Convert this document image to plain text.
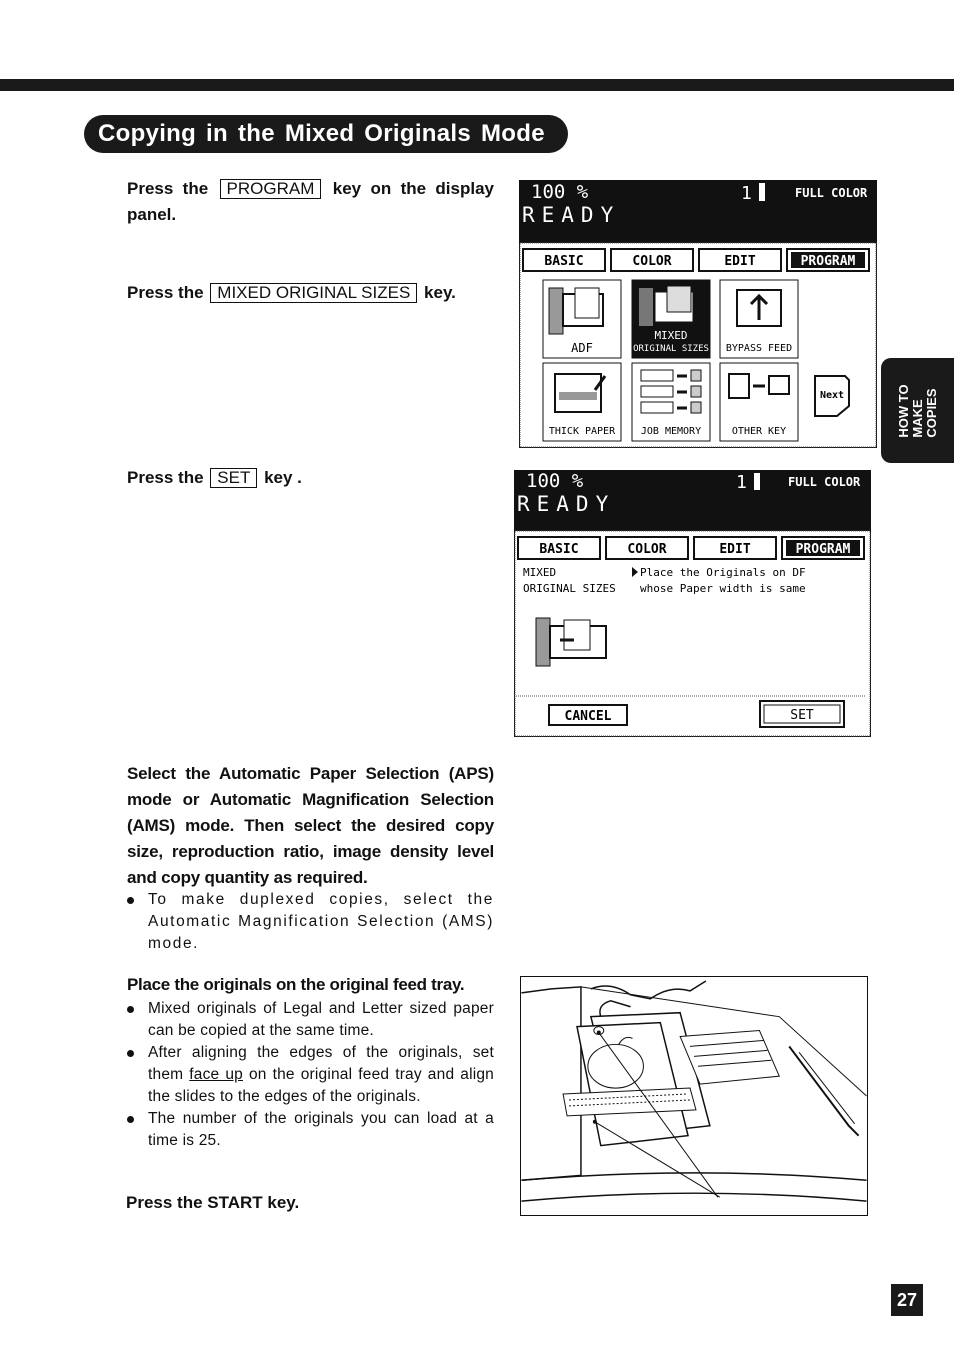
Copying in the Mixed Originals Mode
Press the PROGRAM key on the display panel.
Press the MIXED ORIGINAL SIZES key.
Press the SET key .
Select the Automatic Paper Selection (APS) mode or Automatic Magnification Selection (AMS) mode. Then select the desired copy size, reproduction ratio, image density level and copy quantity as required.
To make duplexed copies, select the Automatic Magnification Selection (AMS) mode.
Place the originals on the original feed tray.
Mixed originals of Legal and Letter sized paper can be copied at the same time.
After aligning the edges of the originals, set them face up on the original feed tray and align the slides to the edges of the originals.
The number of the originals you can load at a time is 25.
Press the START key.
100 %	1	FULL COLOR
READY
BASIC	COLOR	EDIT	PROGRAM
ADF
MIXED
ORIGINAL SIZES BYPASS FEED
THICK PAPER	JOB MEMORY	OTHER KEY
Next
100 %	1	FULL COLOR
READY
BASIC	COLOR	EDIT	PROGRAM
MIXED
ORIGINAL SIZES
Place the Originals on DF
whose Paper width is same
CANCEL	SET
HOW TO MAKE COPIES
27
